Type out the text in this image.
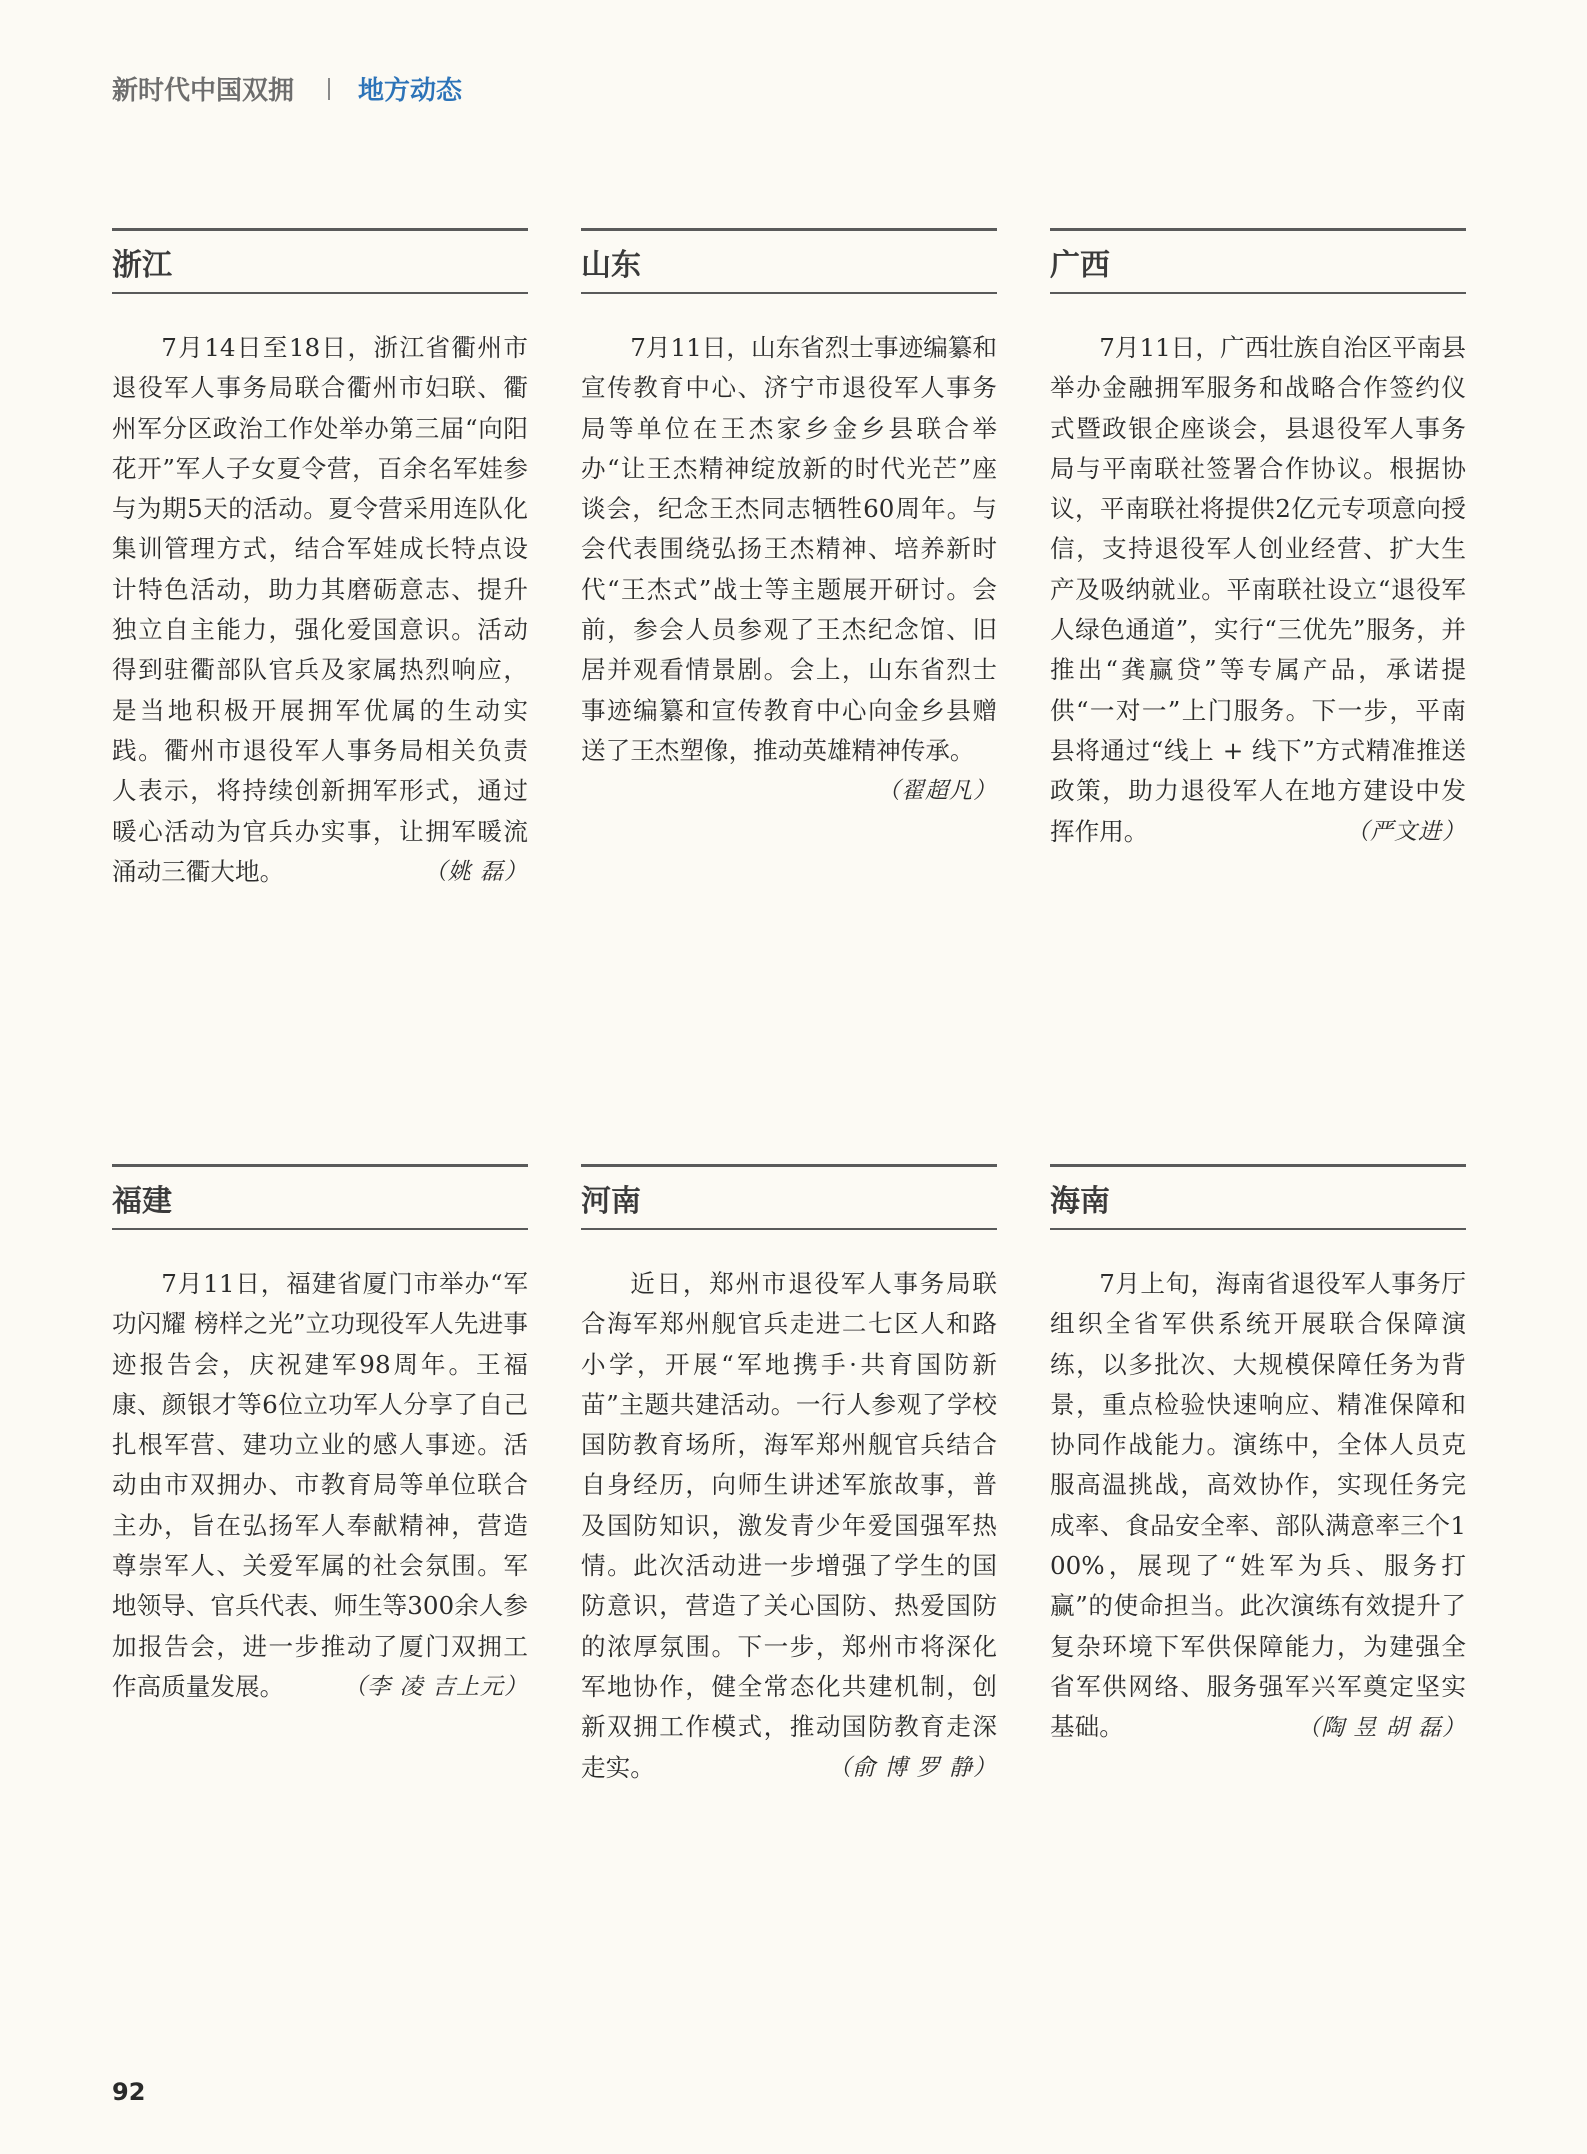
新时代中国双拥 地方动态
浙江
7月14日至18日，浙江省衢州市退役军人事务局联合衢州市妇联、衢州军分区政治工作处举办第三届“向阳花开”军人子女夏令营，百余名军娃参与为期5天的活动。夏令营采用连队化集训管理方式，结合军娃成长特点设计特色活动，助力其磨砺意志、提升独立自主能力，强化爱国意识。活动得到驻衢部队官兵及家属热烈响应，是当地积极开展拥军优属的生动实践。衢州市退役军人事务局相关负责人表示，将持续创新拥军形式，通过暖心活动为官兵办实事，让拥军暖流涌动三衢大地。	（姚 磊）
山东
7月11日，山东省烈士事迹编纂和宣传教育中心、济宁市退役军人事务局等单位在王杰家乡金乡县联合举办“让王杰精神绽放新的时代光芒”座谈会，纪念王杰同志牺牲60周年。与会代表围绕弘扬王杰精神、培养新时代“王杰式”战士等主题展开研讨。会前，参会人员参观了王杰纪念馆、旧居并观看情景剧。会上，山东省烈士事迹编纂和宣传教育中心向金乡县赠送了王杰塑像，推动英雄精神传承。
（翟超凡）
广西
7月11日，广西壮族自治区平南县举办金融拥军服务和战略合作签约仪式暨政银企座谈会，县退役军人事务局与平南联社签署合作协议。根据协议，平南联社将提供2亿元专项意向授信，支持退役军人创业经营、扩大生产及吸纳就业。平南联社设立“退役军人绿色通道”，实行“三优先”服务，并推出“龚赢贷”等专属产品，承诺提供“一对一”上门服务。下一步，平南县将通过“线上 + 线下”方式精准推送政策，助力退役军人在地方建设中发挥作用。	（严文进）
福建
7月11日，福建省厦门市举办“军功闪耀 榜样之光”立功现役军人先进事迹报告会，庆祝建军98周年。王福康、颜银才等6位立功军人分享了自己扎根军营、建功立业的感人事迹。活动由市双拥办、市教育局等单位联合主办，旨在弘扬军人奉献精神，营造尊崇军人、关爱军属的社会氛围。军地领导、官兵代表、师生等300余人参加报告会，进一步推动了厦门双拥工作高质量发展。	（李 凌 吉上元）
河南
近日，郑州市退役军人事务局联合海军郑州舰官兵走进二七区人和路小学，开展“军地携手·共育国防新苗”主题共建活动。一行人参观了学校国防教育场所，海军郑州舰官兵结合自身经历，向师生讲述军旅故事，普及国防知识，激发青少年爱国强军热情。此次活动进一步增强了学生的国防意识，营造了关心国防、热爱国防的浓厚氛围。下一步，郑州市将深化军地协作，健全常态化共建机制，创新双拥工作模式，推动国防教育走深走实。	（俞 博 罗 静）
海南
7月上旬，海南省退役军人事务厅组织全省军供系统开展联合保障演练，以多批次、大规模保障任务为背景，重点检验快速响应、精准保障和协同作战能力。演练中，全体人员克服高温挑战，高效协作，实现任务完成率、食品安全率、部队满意率三个100%，展现了“姓军为兵、服务打赢”的使命担当。此次演练有效提升了复杂环境下军供保障能力，为建强全省军供网络、服务强军兴军奠定坚实基础。	（陶 昱 胡 磊）
92
